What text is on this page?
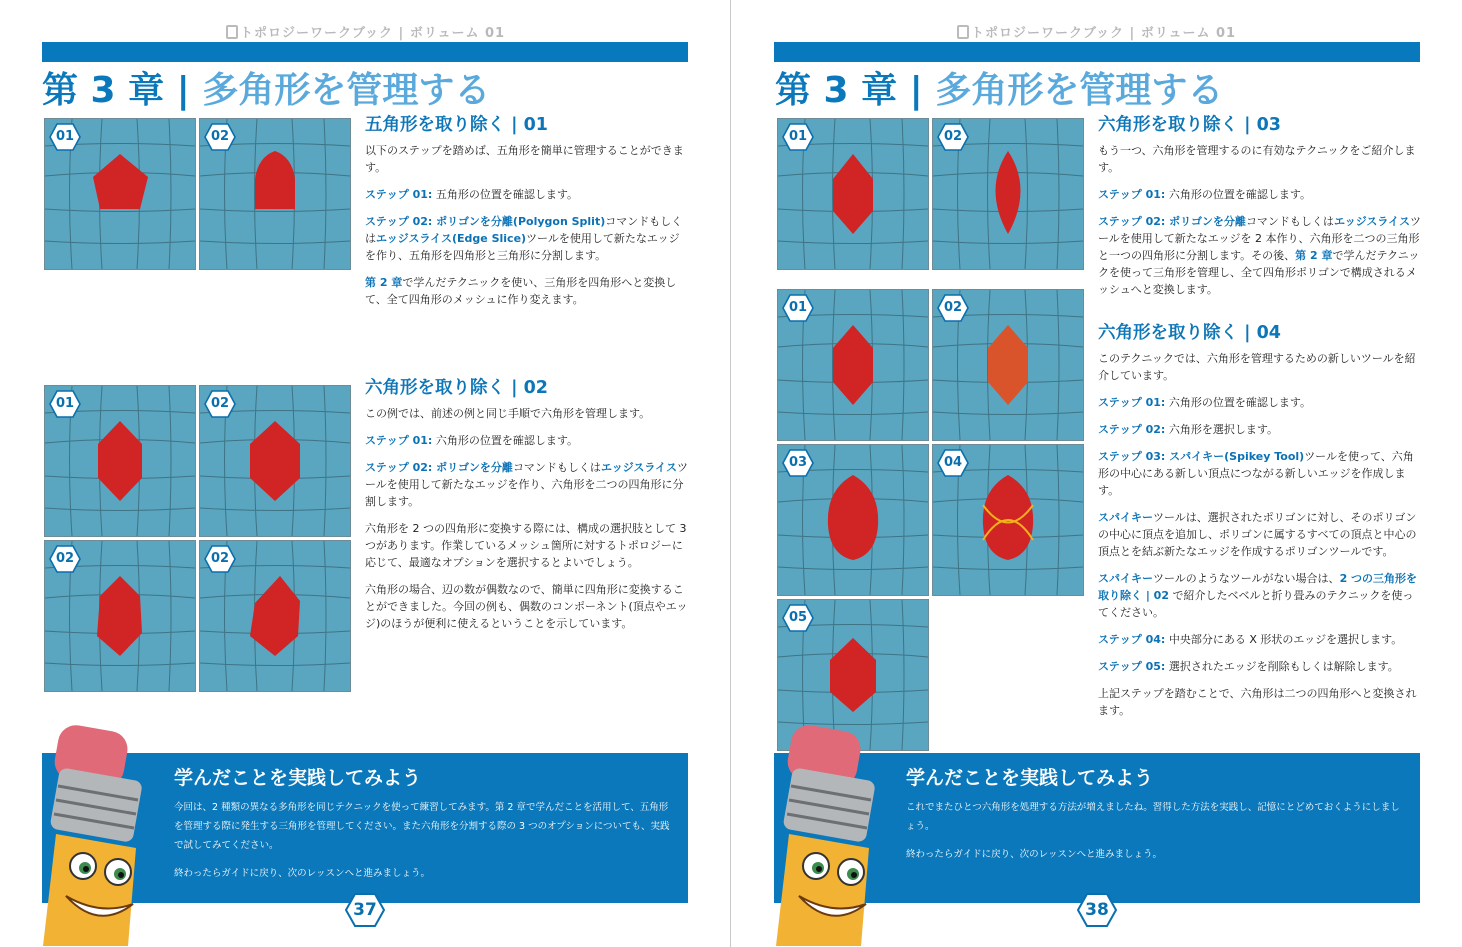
トポロジーワークブック | ボリューム 01
第 3 章 | 多角形を管理する
01	02
五角形を取り除く | 01

以下のステップを踏めば、五角形を簡単に管理することができます。

ステップ 01: 五角形の位置を確認します。

ステップ 02: ポリゴンを分離(Polygon Split)コマンドもしくはエッジスライス(Edge Slice)ツールを使用して新たなエッジを作り、五角形を四角形と三角形に分割します。

第 2 章で学んだテクニックを使い、三角形を四角形へと変換して、全て四角形のメッシュに作り変えます。

01	02
02	02
六角形を取り除く | 02

この例では、前述の例と同じ手順で六角形を管理します。

ステップ 01: 六角形の位置を確認します。

ステップ 02: ポリゴンを分離コマンドもしくはエッジスライスツールを使用して新たなエッジを作り、六角形を二つの四角形に分割します。

六角形を 2 つの四角形に変換する際には、構成の選択肢として 3 つがあります。作業しているメッシュ箇所に対するトポロジーに応じて、最適なオプションを選択するとよいでしょう。

六角形の場合、辺の数が偶数なので、簡単に四角形に変換することができました。今回の例も、偶数のコンポーネント(頂点やエッジ)のほうが便利に使えるということを示しています。

学んだことを実践してみよう

今回は、2 種類の異なる多角形を同じテクニックを使って練習してみます。第 2 章で学んだことを活用して、五角形を管理する際に発生する三角形を管理してください。また六角形を分割する際の 3 つのオプションについても、実践で試してみてください。

終わったらガイドに戻り、次のレッスンへと進みましょう。

37
トポロジーワークブック | ボリューム 01
第 3 章 | 多角形を管理する
01	02
六角形を取り除く | 03

もう一つ、六角形を管理するのに有効なテクニックをご紹介します。

ステップ 01: 六角形の位置を確認します。

ステップ 02: ポリゴンを分離コマンドもしくはエッジスライスツールを使用して新たなエッジを 2 本作り、六角形を二つの三角形と一つの四角形に分割します。その後、第 2 章で学んだテクニックを使って三角形を管理し、全て四角形ポリゴンで構成されるメッシュへと変換します。

01	02
03	04
05
六角形を取り除く | 04

このテクニックでは、六角形を管理するための新しいツールを紹介しています。

ステップ 01: 六角形の位置を確認します。

ステップ 02: 六角形を選択します。

ステップ 03: スパイキー(Spikey Tool)ツールを使って、六角形の中心にある新しい頂点につながる新しいエッジを作成します。

スパイキーツールは、選択されたポリゴンに対し、そのポリゴンの中心に頂点を追加し、ポリゴンに属するすべての頂点と中心の頂点とを結ぶ新たなエッジを作成するポリゴンツールです。

スパイキーツールのようなツールがない場合は、2 つの三角形を取り除く | 02 で紹介したベベルと折り畳みのテクニックを使ってください。

ステップ 04: 中央部分にある X 形状のエッジを選択します。

ステップ 05: 選択されたエッジを削除もしくは解除します。

上記ステップを踏むことで、六角形は二つの四角形へと変換されます。

学んだことを実践してみよう

これでまたひとつ六角形を処理する方法が増えましたね。習得した方法を実践し、記憶にとどめておくようにしましょう。

終わったらガイドに戻り、次のレッスンへと進みましょう。

38
